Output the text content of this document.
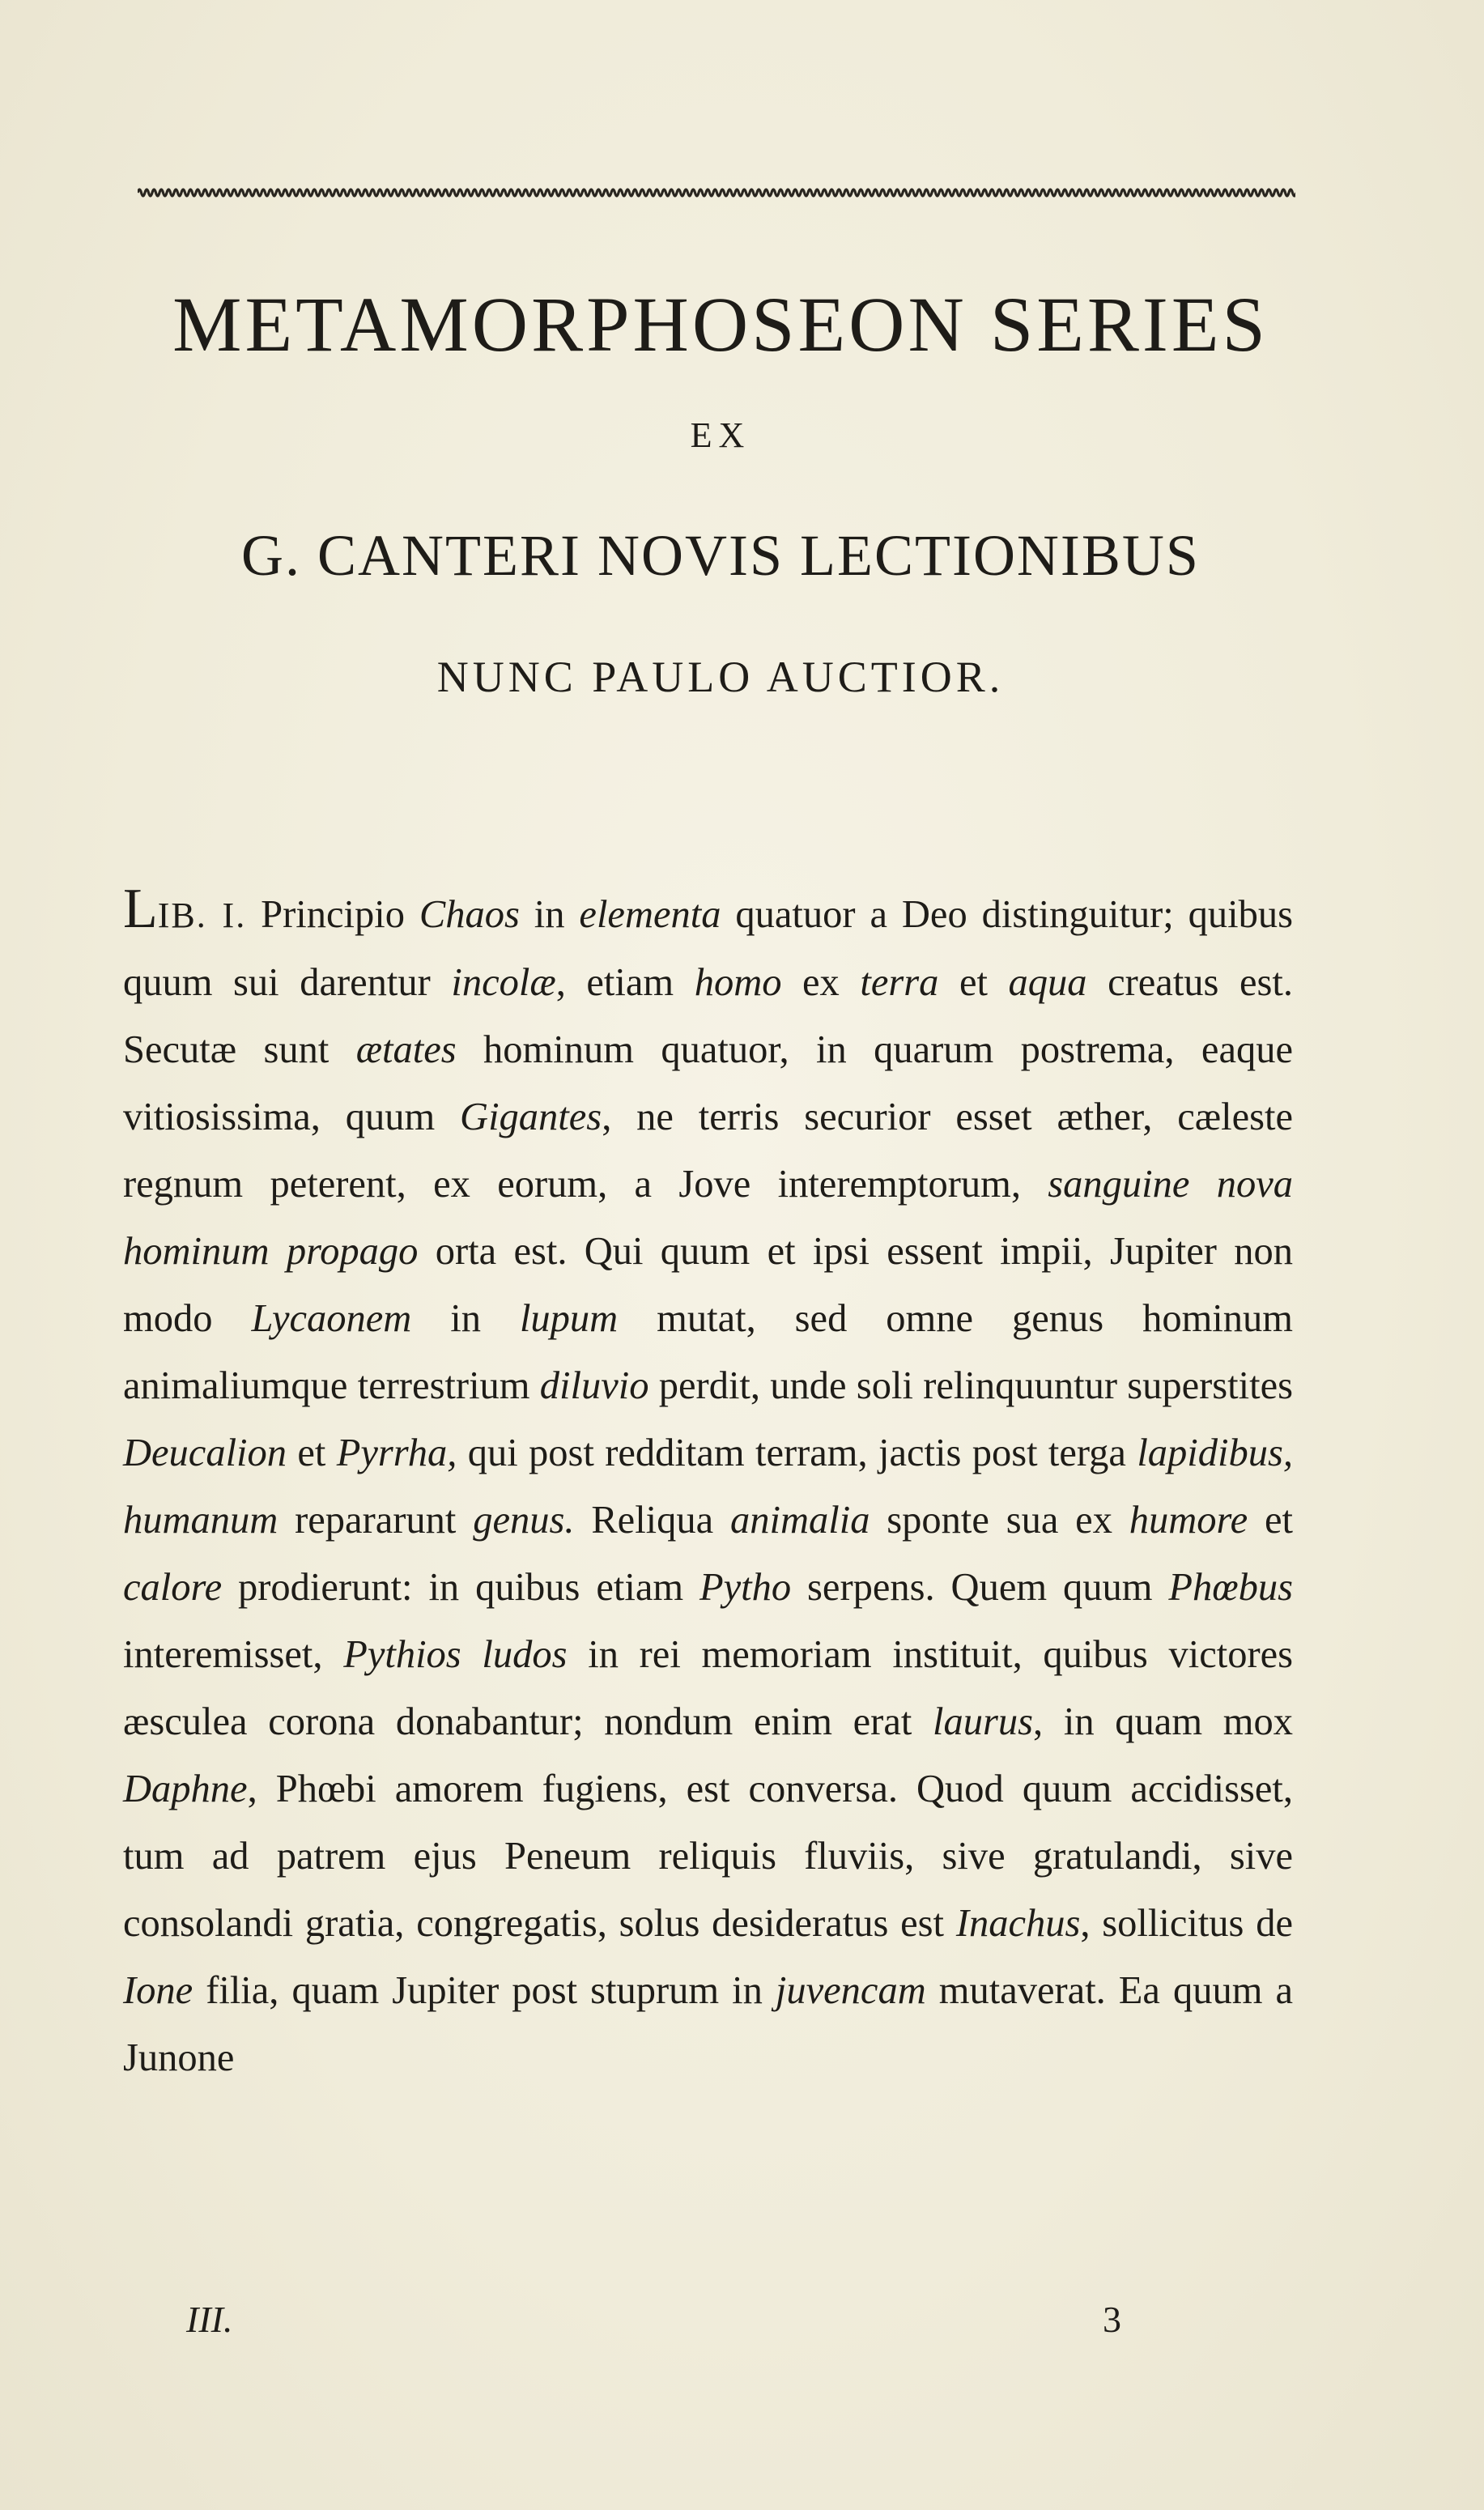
METAMORPHOSEON SERIES
EX
G. CANTERI NOVIS LECTIONIBUS
NUNC PAULO AUCTIOR.

LIB. I. Principio Chaos in elementa quatuor a Deo distinguitur; quibus quum sui darentur incolæ, etiam homo ex terra et aqua creatus est. Secutæ sunt ætates hominum quatuor, in quarum postrema, eaque vitiosissima, quum Gigantes, ne terris securior esset æther, cæleste regnum peterent, ex eorum, a Jove interemptorum, sanguine nova hominum propago orta est. Qui quum et ipsi essent impii, Jupiter non modo Lycaonem in lupum mutat, sed omne genus hominum animaliumque terrestrium diluvio perdit, unde soli relinquuntur superstites Deucalion et Pyrrha, qui post redditam terram, jactis post terga lapidibus, humanum repararunt genus. Reliqua animalia sponte sua ex humore et calore prodierunt: in quibus etiam Pytho serpens. Quem quum Phœbus interemisset, Pythios ludos in rei memoriam instituit, quibus victores æsculea corona donabantur; nondum enim erat laurus, in quam mox Daphne, Phœbi amorem fugiens, est conversa. Quod quum accidisset, tum ad patrem ejus Peneum reliquis fluviis, sive gratulandi, sive consolandi gratia, congregatis, solus desideratus est Inachus, sollicitus de Ione filia, quam Jupiter post stuprum in juvencam mutaverat. Ea quum a Junone

III.	3
